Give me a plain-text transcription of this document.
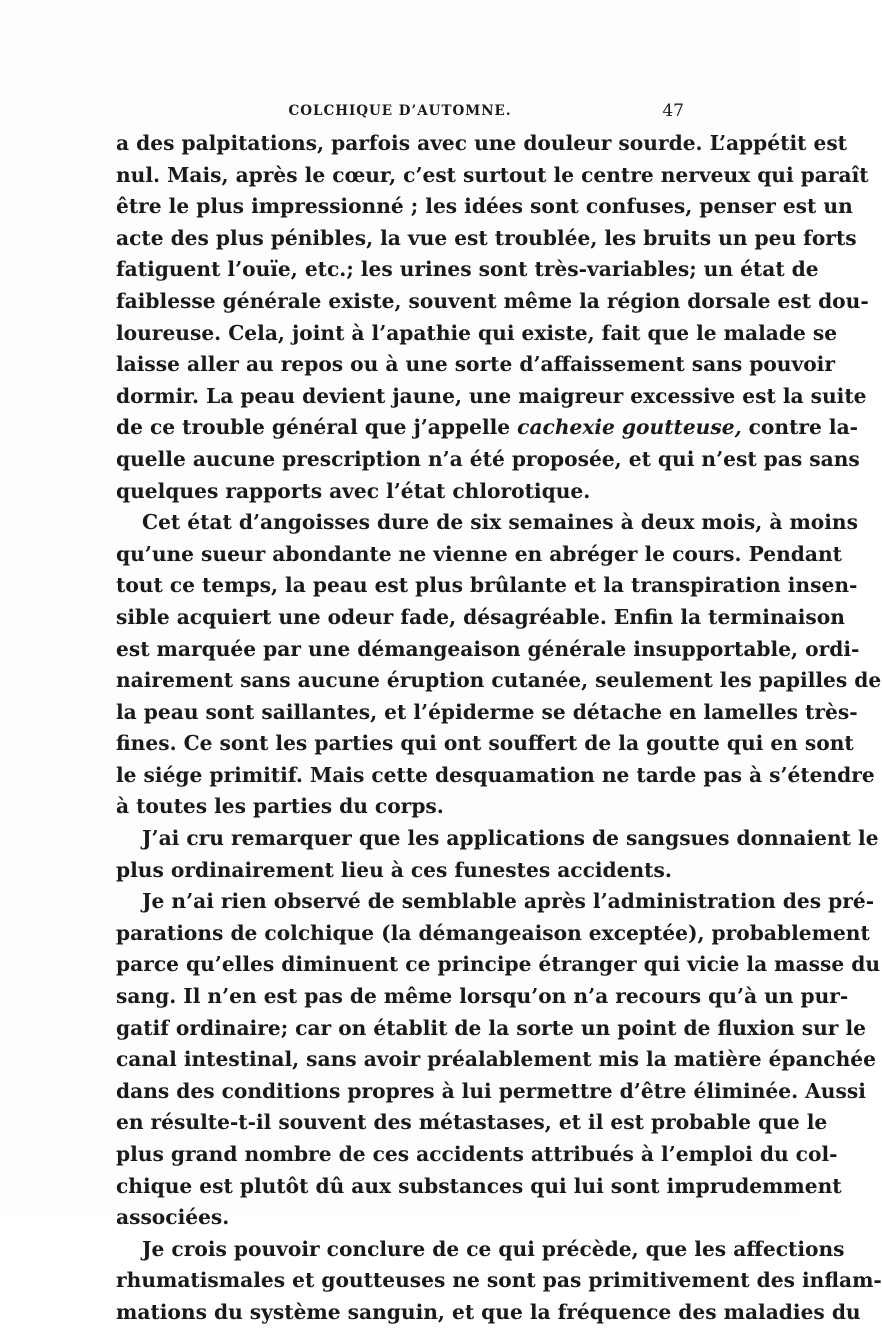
COLCHIQUE D’AUTOMNE.	47
a des palpitations, parfois avec une douleur sourde. L’appétit est
nul. Mais, après le cœur, c’est surtout le centre nerveux qui paraît
être le plus impressionné ; les idées sont confuses, penser est un
acte des plus pénibles, la vue est troublée, les bruits un peu forts
fatiguent l’ouïe, etc.; les urines sont très-variables; un état de
faiblesse générale existe, souvent même la région dorsale est dou-
loureuse. Cela, joint à l’apathie qui existe, fait que le malade se
laisse aller au repos ou à une sorte d’affaissement sans pouvoir
dormir. La peau devient jaune, une maigreur excessive est la suite
de ce trouble général que j’appelle cachexie goutteuse, contre la-
quelle aucune prescription n’a été proposée, et qui n’est pas sans
quelques rapports avec l’état chlorotique.
Cet état d’angoisses dure de six semaines à deux mois, à moins
qu’une sueur abondante ne vienne en abréger le cours. Pendant
tout ce temps, la peau est plus brûlante et la transpiration insen-
sible acquiert une odeur fade, désagréable. Enfin la terminaison
est marquée par une démangeaison générale insupportable, ordi-
nairement sans aucune éruption cutanée, seulement les papilles de
la peau sont saillantes, et l’épiderme se détache en lamelles très-
fines. Ce sont les parties qui ont souffert de la goutte qui en sont
le siége primitif. Mais cette desquamation ne tarde pas à s’étendre
à toutes les parties du corps.
J’ai cru remarquer que les applications de sangsues donnaient le
plus ordinairement lieu à ces funestes accidents.
Je n’ai rien observé de semblable après l’administration des pré-
parations de colchique (la démangeaison exceptée), probablement
parce qu’elles diminuent ce principe étranger qui vicie la masse du
sang. Il n’en est pas de même lorsqu’on n’a recours qu’à un pur-
gatif ordinaire; car on établit de la sorte un point de fluxion sur le
canal intestinal, sans avoir préalablement mis la matière épanchée
dans des conditions propres à lui permettre d’être éliminée. Aussi
en résulte-t-il souvent des métastases, et il est probable que le
plus grand nombre de ces accidents attribués à l’emploi du col-
chique est plutôt dû aux substances qui lui sont imprudemment
associées.
Je crois pouvoir conclure de ce qui précède, que les affections
rhumatismales et goutteuses ne sont pas primitivement des inflam-
mations du système sanguin, et que la fréquence des maladies du
